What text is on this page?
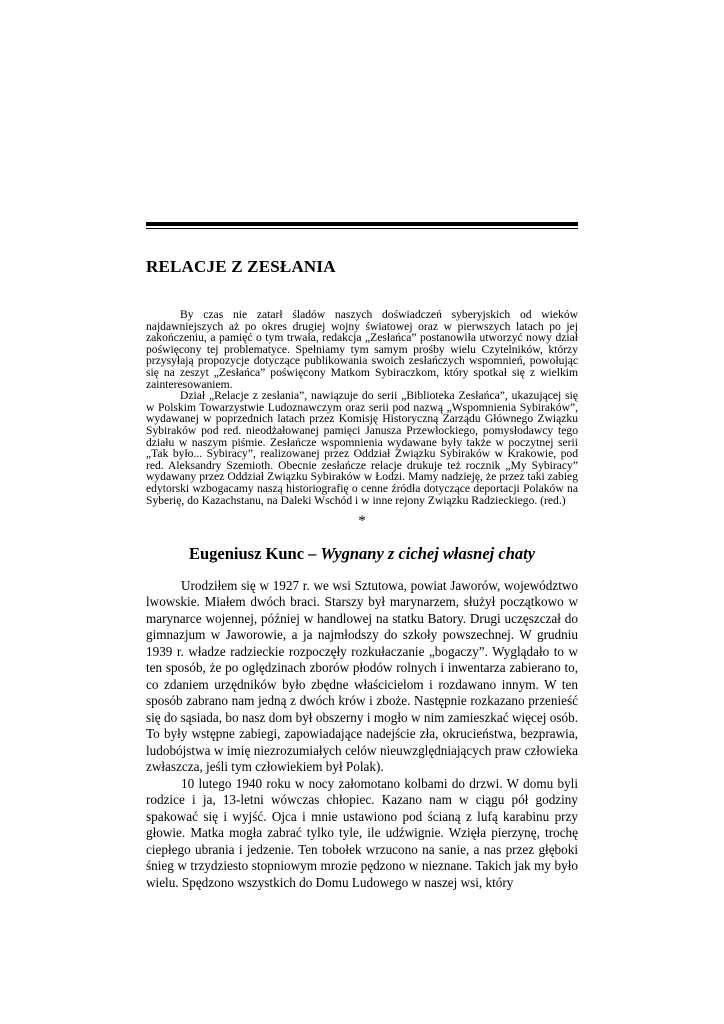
RELACJE Z ZESŁANIA

By czas nie zatarł śladów naszych doświadczeń syberyjskich od wieków najdawniejszych aż po okres drugiej wojny światowej oraz w pierwszych latach po jej zakończeniu, a pamięć o tym trwała, redakcja „Zesłańca” postanowiła utworzyć nowy dział poświęcony tej problematyce. Spełniamy tym samym prośby wielu Czytelników, którzy przysyłają propozycje dotyczące publikowania swoich zesłańczych wspomnień, powołując się na zeszyt „Zesłańca” poświęcony Matkom Sybiraczkom, który spotkał się z wielkim zainteresowaniem.

Dział „Relacje z zesłania”, nawiązuje do serii „Biblioteka Zesłańca”, ukazującej się w Polskim Towarzystwie Ludoznawczym oraz serii pod nazwą „Wspomnienia Sybiraków”, wydawanej w poprzednich latach przez Komisję Historyczną Zarządu Głównego Związku Sybiraków pod red. nieodżałowanej pamięci Janusza Przewłockiego, pomysłodawcy tego działu w naszym piśmie. Zesłańcze wspomnienia wydawane były także w poczytnej serii „Tak było... Sybiracy”, realizowanej przez Oddział Związku Sybiraków w Krakowie, pod red. Aleksandry Szemioth. Obecnie zesłańcze relacje drukuje też rocznik „My Sybiracy” wydawany przez Oddział Związku Sybiraków w Łodzi. Mamy nadzieję, że przez taki zabieg edytorski wzbogacamy naszą historiografię o cenne źródła dotyczące deportacji Polaków na Syberię, do Kazachstanu, na Daleki Wschód i w inne rejony Związku Radzieckiego. (red.)

*
Eugeniusz Kunc – Wygnany z cichej własnej chaty

Urodziłem się w 1927 r. we wsi Sztutowa, powiat Jaworów, województwo lwowskie. Miałem dwóch braci. Starszy był marynarzem, służył początkowo w marynarce wojennej, później w handlowej na statku Batory. Drugi uczęszczał do gimnazjum w Jaworowie, a ja najmłodszy do szkoły powszechnej. W grudniu 1939 r. władze radzieckie rozpoczęły rozkułaczanie „bogaczy”. Wyglądało to w ten sposób, że po oględzinach zborów płodów rolnych i inwentarza zabierano to, co zdaniem urzędników było zbędne właścicielom i rozdawano innym. W ten sposób zabrano nam jedną z dwóch krów i zboże. Następnie rozkazano przenieść się do sąsiada, bo nasz dom był obszerny i mogło w nim zamieszkać więcej osób. To były wstępne zabiegi, zapowiadające nadejście zła, okrucieństwa, bezprawia, ludobójstwa w imię niezrozumiałych celów nieuwzględniających praw człowieka zwłaszcza, jeśli tym człowiekiem był Polak).

10 lutego 1940 roku w nocy załomotano kolbami do drzwi. W domu byli rodzice i ja, 13-letni wówczas chłopiec. Kazano nam w ciągu pół godziny spakować się i wyjść. Ojca i mnie ustawiono pod ścianą z lufą karabinu przy głowie. Matka mogła zabrać tylko tyle, ile udźwignie. Wzięła pierzynę, trochę ciepłego ubrania i jedzenie. Ten tobołek wrzucono na sanie, a nas przez głęboki śnieg w trzydziesto stopniowym mrozie pędzono w nieznane. Takich jak my było wielu. Spędzono wszystkich do Domu Ludowego w naszej wsi, który
